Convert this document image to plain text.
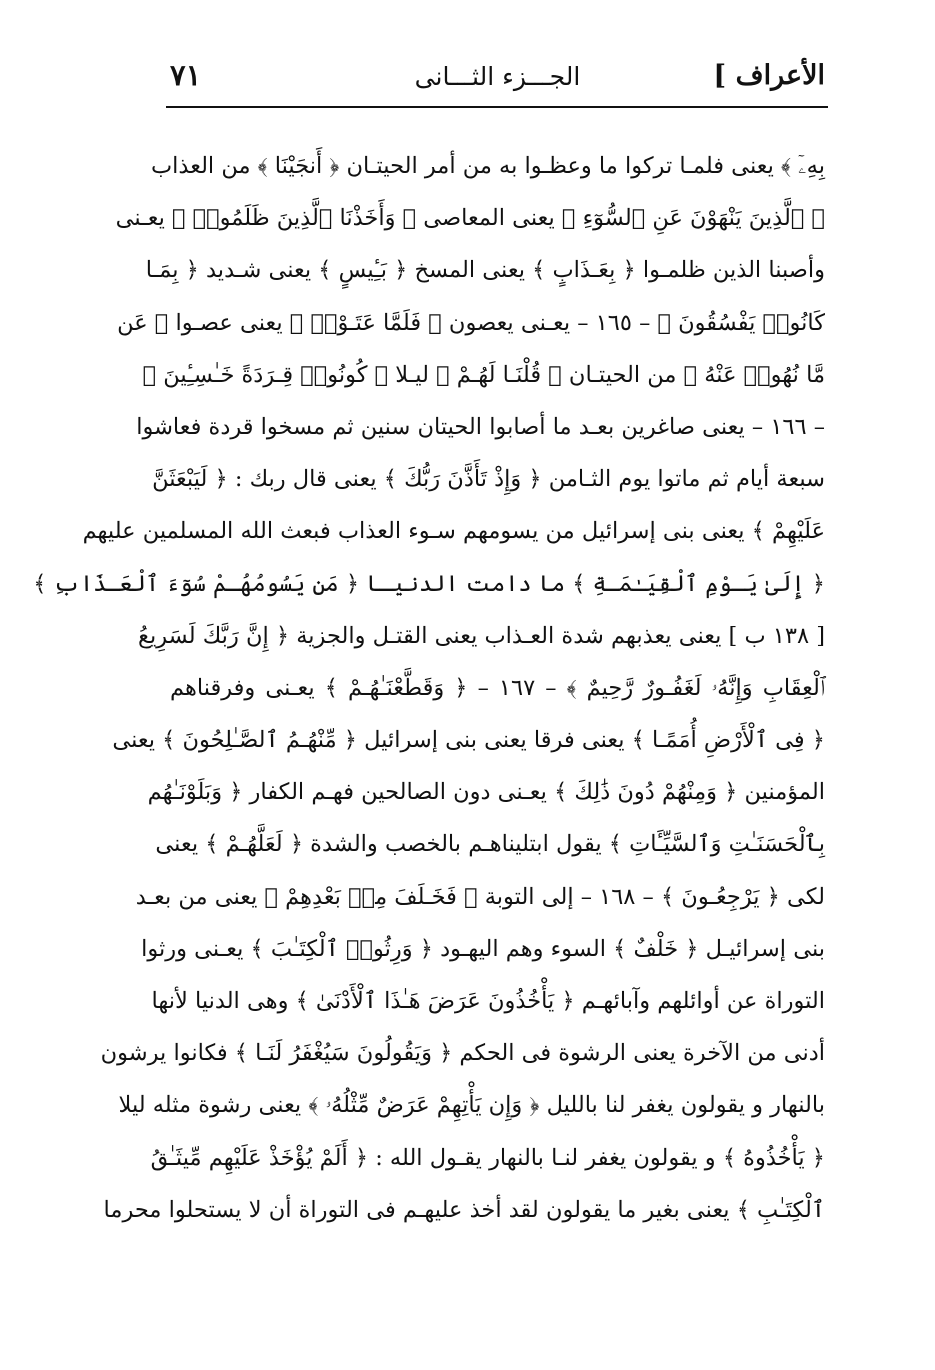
الأعراف ]
الجـــزء الثـــانى
٧١
بِهِۦٓ ﴾ يعنى فلمـا تركوا ما وعظـوا به من أمر الحيتـان ﴿ أَنجَيْنَا ﴾ من العذاب
﴿ ٱلَّذِينَ يَنْهَوْنَ عَنِ ٱلسُّوٓءِ ﴾ يعنى المعاصى ﴿ وَأَخَذْنَا ٱلَّذِينَ ظَلَمُوا۟ ﴾ يعـنى
وأصبنا الذين ظلمـوا ﴿ بِعَـذَابٍ ﴾ يعنى المسخ ﴿ بَـِٔيسٍ ﴾ يعنى شـديد ﴿ بِمَـا
كَانُوا۟ يَفْسُقُونَ ﴾ – ١٦٥ – يعـنى يعصون ﴿ فَلَمَّا عَتَـوْا۟ ﴾ يعنى عصـوا ﴿ عَن
مَّا نُهُوا۟ عَنْهُ ﴾ من الحيتـان ﴿ قُلْنَـا لَهُـمْ ﴾ ليـلا ﴿ كُونُوا۟ قِـرَدَةً خَـٰسِـِٔينَ ﴾
– ١٦٦ – يعنى صاغرين بعـد ما أصابوا الحيتان سنين ثم مسخوا قردة فعاشوا
سبعة أيام ثم ماتوا يوم الثـامن ﴿ وَإِذْ تَأَذَّنَ رَبُّكَ ﴾ يعنى قال ربك : ﴿ لَيَبْعَثَنَّ
عَلَيْهِمْ ﴾ يعنى بنى إسرائيل من يسومهم سـوء العذاب فبعث الله المسلمين عليهم
﴿ إِلَىٰ يَـوْمِ ٱلْقِيَـٰمَـةِ ﴾ ما دامت الدنيـا ﴿ مَن يَسُومُهُـمْ سُوٓءَ ٱلْعَـذَابِ ﴾
[ ١٣٨ ب ] يعنى يعذبهم شدة العـذاب يعنى القتـل والجزية ﴿ إِنَّ رَبَّكَ لَسَرِيعُ
ٱلْعِقَابِ وَإِنَّهُۥ لَغَفُـورٌ رَّحِيمٌ ﴾ – ١٦٧ – ﴿ وَقَطَّعْنَـٰهُـمْ ﴾ يعـنى وفرقناهم
﴿ فِى ٱلْأَرْضِ أُمَمًـا ﴾ يعنى فرقا يعنى بنى إسرائيل ﴿ مِّنْهُـمُ ٱلصَّـٰلِحُونَ ﴾ يعنى
المؤمنين ﴿ وَمِنْهُمْ دُونَ ذَٰلِكَ ﴾ يعـنى دون الصالحين فهـم الكفار ﴿ وَبَلَوْنَـٰهُم
بِٱلْحَسَنَـٰتِ وَٱلسَّيِّـَٔاتِ ﴾ يقول ابتليناهـم بالخصب والشدة ﴿ لَعَلَّهُـمْ ﴾ يعنى
لكى ﴿ يَرْجِعُـونَ ﴾ – ١٦٨ – إلى التوبة ﴿ فَخَـلَفَ مِنۢ بَعْدِهِمْ ﴾ يعنى من بعـد
بنى إسرائيـل ﴿ خَلْفٌ ﴾ السوء وهم اليهـود ﴿ وَرِثُوا۟ ٱلْكِتَـٰبَ ﴾ يعـنى ورثوا
التوراة عن أوائلهم وآبائهـم ﴿ يَأْخُذُونَ عَرَضَ هَـٰذَا ٱلْأَدْنَىٰ ﴾ وهى الدنيا لأنها
أدنى من الآخرة يعنى الرشوة فى الحكم ﴿ وَيَقُولُونَ سَيُغْفَرُ لَنَـا ﴾ فكانوا يرشون
بالنهار و يقولون يغفر لنا بالليل ﴿ وَإِن يَأْتِهِمْ عَرَضٌ مِّثْلُهُۥ ﴾ يعنى رشوة مثله ليلا
﴿ يَأْخُذُوهُ ﴾ و يقولون يغفر لنـا بالنهار يقـول الله : ﴿ أَلَمْ يُؤْخَذْ عَلَيْهِم مِّيثَـٰقُ
ٱلْكِتَـٰبِ ﴾ يعنى بغير ما يقولون لقد أخذ عليهـم فى التوراة أن لا يستحلوا محرما
